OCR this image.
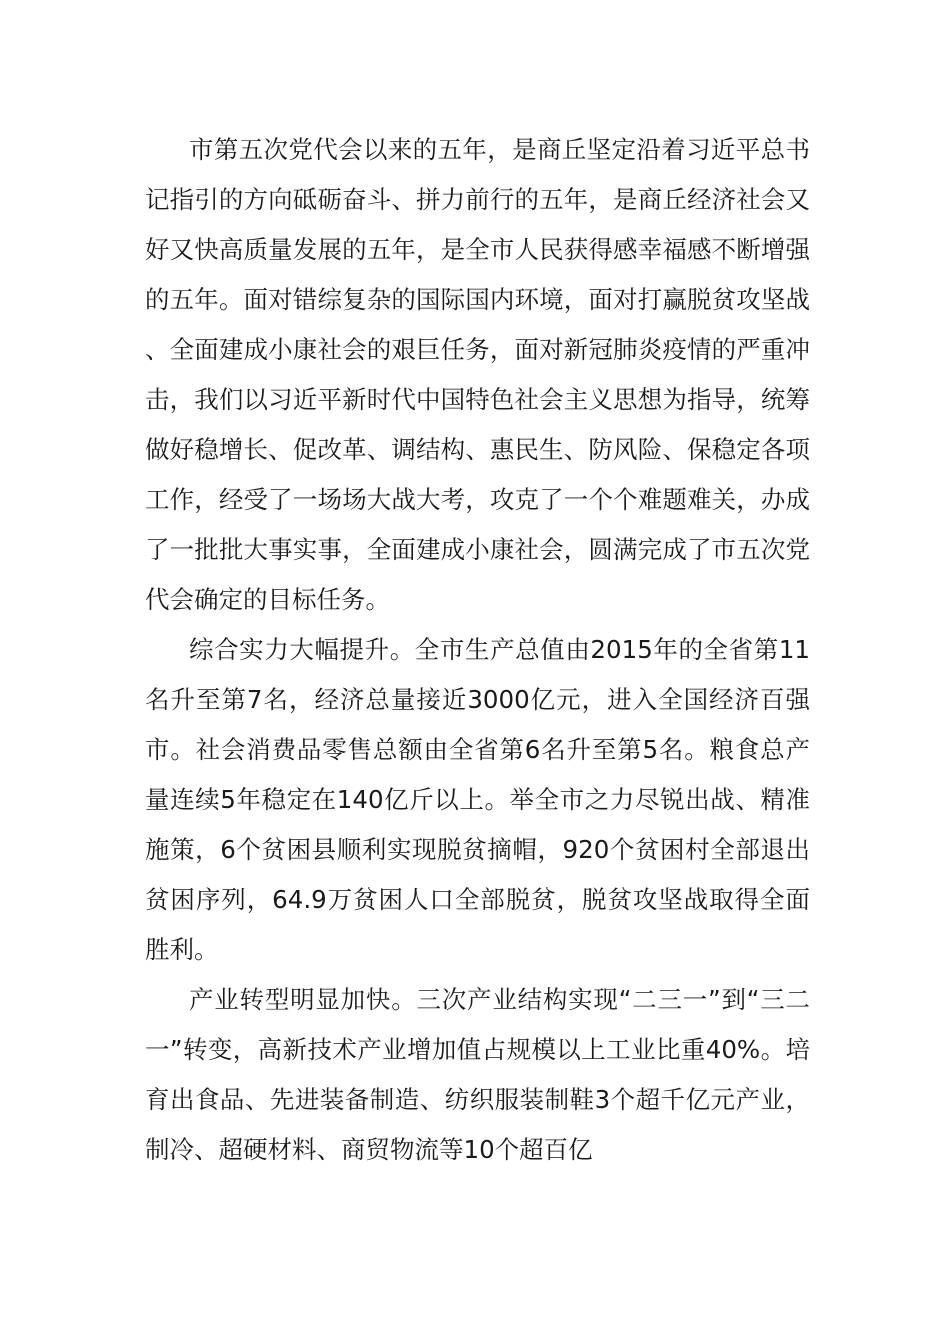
市第五次党代会以来的五年，是商丘坚定沿着习近平总书记指引的方向砥砺奋斗、拼力前行的五年，是商丘经济社会又好又快高质量发展的五年，是全市人民获得感幸福感不断增强的五年。面对错综复杂的国际国内环境，面对打赢脱贫攻坚战、全面建成小康社会的艰巨任务，面对新冠肺炎疫情的严重冲击，我们以习近平新时代中国特色社会主义思想为指导，统筹做好稳增长、促改革、调结构、惠民生、防风险、保稳定各项工作，经受了一场场大战大考，攻克了一个个难题难关，办成了一批批大事实事，全面建成小康社会，圆满完成了市五次党代会确定的目标任务。

综合实力大幅提升。全市生产总值由2015年的全省第11名升至第7名，经济总量接近3000亿元，进入全国经济百强市。社会消费品零售总额由全省第6名升至第5名。粮食总产量连续5年稳定在140亿斤以上。举全市之力尽锐出战、精准施策，6个贫困县顺利实现脱贫摘帽，920个贫困村全部退出贫困序列，64.9万贫困人口全部脱贫，脱贫攻坚战取得全面胜利。

产业转型明显加快。三次产业结构实现“二三一”到“三二一”转变，高新技术产业增加值占规模以上工业比重40%。培育出食品、先进装备制造、纺织服装制鞋3个超千亿元产业，制冷、超硬材料、商贸物流等10个超百亿
